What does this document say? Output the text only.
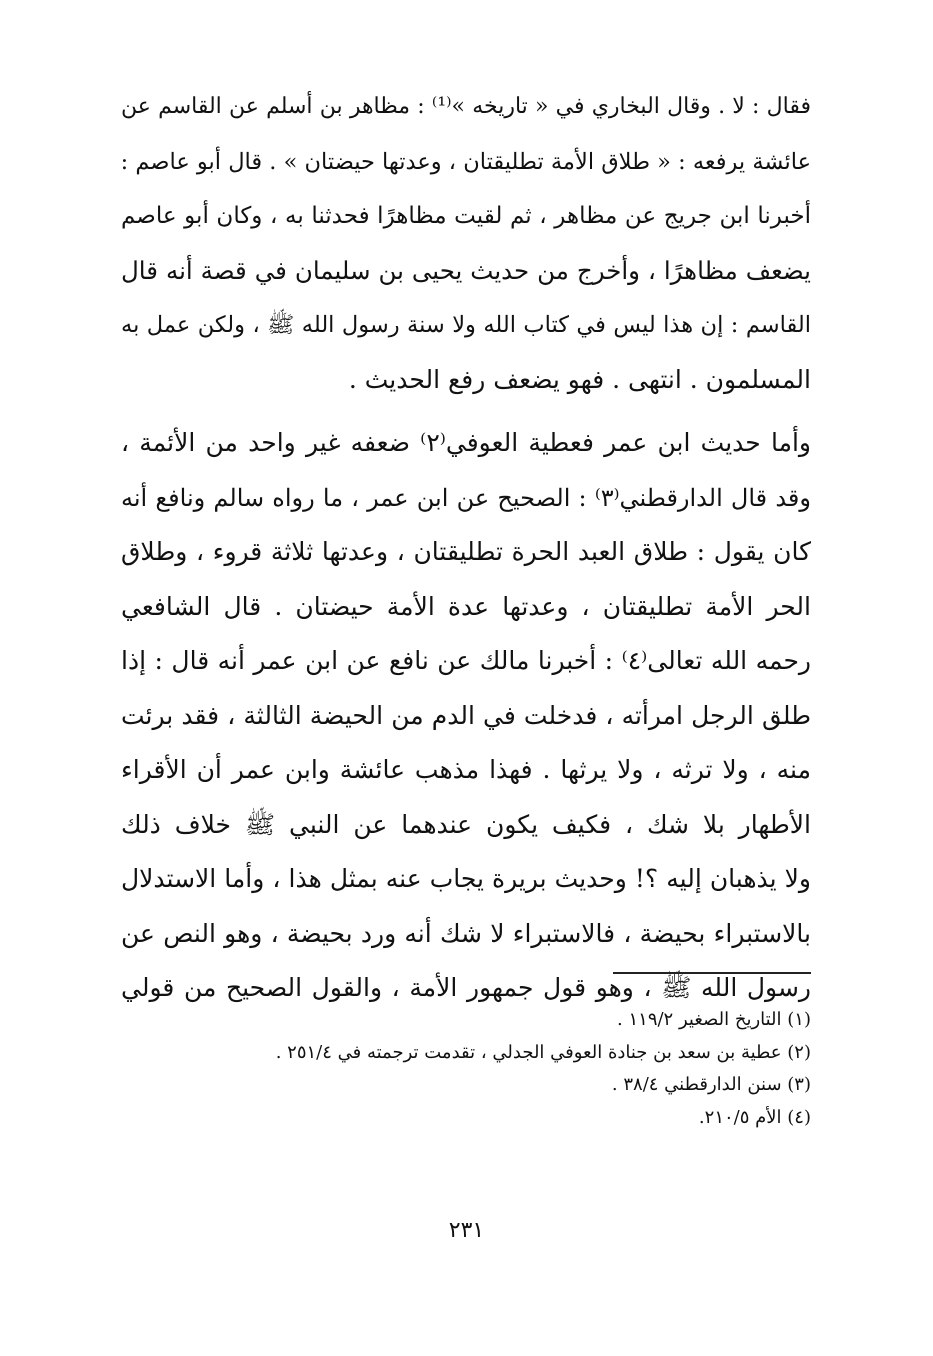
فقال : لا . وقال البخاري في « تاريخه »⁽¹⁾ : مظاهر بن أسلم عن القاسم عن
عائشة يرفعه : « طلاق الأمة تطليقتان ، وعدتها حيضتان » . قال أبو عاصم :
أخبرنا ابن جريج عن مظاهر ، ثم لقيت مظاهرًا فحدثنا به ، وكان أبو عاصم
يضعف مظاهرًا ، وأخرج من حديث يحيى بن سليمان في قصة أنه قال
القاسم : إن هذا ليس في كتاب الله ولا سنة رسول الله ﷺ ، ولكن عمل به
المسلمون . انتهى . فهو يضعف رفع الحديث .
وأما حديث ابن عمر فعطية العوفي⁽٢⁾ ضعفه غير واحد من الأئمة ،
وقد قال الدارقطني⁽٣⁾ : الصحيح عن ابن عمر ، ما رواه سالم ونافع أنه
كان يقول : طلاق العبد الحرة تطليقتان ، وعدتها ثلاثة قروء ، وطلاق
الحر الأمة تطليقتان ، وعدتها عدة الأمة حيضتان . قال الشافعي
رحمه الله تعالى⁽٤⁾ : أخبرنا مالك عن نافع عن ابن عمر أنه قال : إذا
طلق الرجل امرأته ، فدخلت في الدم من الحيضة الثالثة ، فقد برئت
منه ، ولا ترثه ، ولا يرثها . فهذا مذهب عائشة وابن عمر أن الأقراء
الأطهار بلا شك ، فكيف يكون عندهما عن النبي ﷺ خلاف ذلك
ولا يذهبان إليه ؟! وحديث بريرة يجاب عنه بمثل هذا ، وأما الاستدلال
بالاستبراء بحيضة ، فالاستبراء لا شك أنه ورد بحيضة ، وهو النص عن
رسول الله ﷺ ، وهو قول جمهور الأمة ، والقول الصحيح من قولي
(١) التاريخ الصغير ١١٩/٢ .
(٢) عطية بن سعد بن جنادة العوفي الجدلي ، تقدمت ترجمته في ٢٥١/٤ .
(٣) سنن الدارقطني ٣٨/٤ .
(٤) الأم ٢١٠/٥.
٢٣١
